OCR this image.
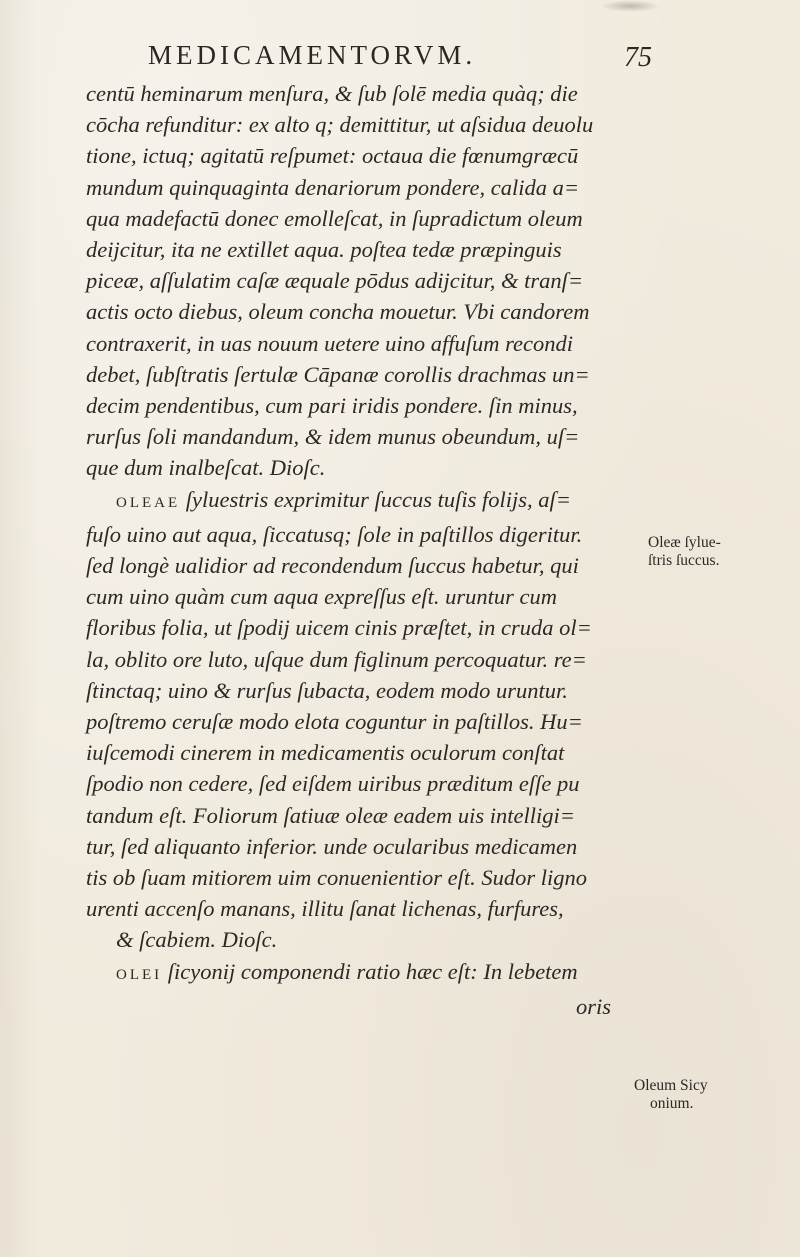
MEDICAMENTORVM.	75
centū heminarum menſura, & ſub ſolē media quàq; die
cōcha refunditur: ex alto q; demittitur, ut aſsidua deuolu
tione, ictuq; agitatū reſpumet: octaua die fœnumgræcū
mundum quinquaginta denariorum pondere, calida a=
qua madefactū donec emolleſcat, in ſupradictum oleum
deijcitur, ita ne extillet aqua. poſtea tedæ præpinguis
piceæ, aſſulatim caſæ æquale pōdus adijcitur, & tranſ=
actis octo diebus, oleum concha mouetur. Vbi candorem
contraxerit, in uas nouum uetere uino affuſum recondi
debet, ſubſtratis ſertulæ Cāpanæ corollis drachmas un=
decim pendentibus, cum pari iridis pondere. ſin minus,
rurſus ſoli mandandum, & idem munus obeundum, uſ=
que dum inalbeſcat. Dioſc.
OLEAE ſyluestris exprimitur ſuccus tuſis folijs, aſ=
fuſo uino aut aqua, ſiccatusq; ſole in paſtillos digeritur.
ſed longè ualidior ad recondendum ſuccus habetur, qui
cum uino quàm cum aqua expreſſus eſt. uruntur cum
floribus folia, ut ſpodij uicem cinis præſtet, in cruda ol=
la, oblito ore luto, uſque dum figlinum percoquatur. re=
ſtinctaq; uino & rurſus ſubacta, eodem modo uruntur.
poſtremo ceruſæ modo elota coguntur in paſtillos. Hu=
iuſcemodi cinerem in medicamentis oculorum conſtat
ſpodio non cedere, ſed eiſdem uiribus præditum eſſe pu
tandum eſt. Foliorum ſatiuæ oleæ eadem uis intelligi=
tur, ſed aliquanto inferior. unde ocularibus medicamen
tis ob ſuam mitiorem uim conuenientior eſt. Sudor ligno
urenti accenſo manans, illitu ſanat lichenas, furfures,
& ſcabiem. Dioſc.
OLEI ſicyonij componendi ratio hæc eſt: In lebetem
oris
Oleæ ſylue-
ſtris ſuccus.
Oleum Sicy
onium.
